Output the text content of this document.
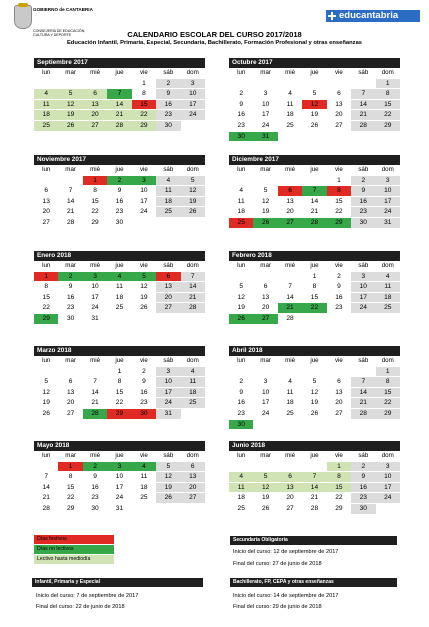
GOBIERNO de CANTABRIA
CONSEJERÍA DE EDUCACIÓN, CULTURA Y DEPORTE
educantabria
CALENDARIO ESCOLAR DEL CURSO 2017/2018
Educación Infantil, Primaria, Especial, Secundaria, Bachillerato, Formación Profesional y otras enseñanzas
Septiembre 2017
lun	mar	mié	jue	vie	sáb	dom
				1	2	3
4	5	6	7	8	9	10
11	12	13	14	15	16	17
18	19	20	21	22	23	24
25	26	27	28	29	30	
Octubre 2017
lun	mar	mié	jue	vie	sáb	dom
						1
2	3	4	5	6	7	8
9	10	11	12	13	14	15
16	17	18	19	20	21	22
23	24	25	26	27	28	29
30	31					
Noviembre 2017
lun	mar	mié	jue	vie	sáb	dom
		1	2	3	4	5
6	7	8	9	10	11	12
13	14	15	16	17	18	19
20	21	22	23	24	25	26
27	28	29	30			
Diciembre 2017
lun	mar	mié	jue	vie	sáb	dom
				1	2	3
4	5	6	7	8	9	10
11	12	13	14	15	16	17
18	19	20	21	22	23	24
25	26	27	28	29	30	31
Enero 2018
lun	mar	mié	jue	vie	sáb	dom
1	2	3	4	5	6	7
8	9	10	11	12	13	14
15	16	17	18	19	20	21
22	23	24	25	26	27	28
29	30	31				
Febrero 2018
lun	mar	mié	jue	vie	sáb	dom
			1	2	3	4
5	6	7	8	9	10	11
12	13	14	15	16	17	18
19	20	21	22	23	24	25
26	27	28				
Marzo 2018
lun	mar	mié	jue	vie	sáb	dom
			1	2	3	4
5	6	7	8	9	10	11
12	13	14	15	16	17	18
19	20	21	22	23	24	25
26	27	28	29	30	31	
Abril 2018
lun	mar	mié	jue	vie	sáb	dom
						1
2	3	4	5	6	7	8
9	10	11	12	13	14	15
16	17	18	19	20	21	22
23	24	25	26	27	28	29
30						
Mayo 2018
lun	mar	mié	jue	vie	sáb	dom
	1	2	3	4	5	6
7	8	9	10	11	12	13
14	15	16	17	18	19	20
21	22	23	24	25	26	27
28	29	30	31			
Junio 2018
lun	mar	mié	jue	vie	sáb	dom
				1	2	3
4	5	6	7	8	9	10
11	12	13	14	15	16	17
18	19	20	21	22	23	24
25	26	27	28	29	30	
Días festivos
Días no lectivos
Lectivo hasta mediodía
Secundaria Obligatoria
Inicio del curso: 12 de septiembre de 2017
Final del curso: 27 de junio de 2018
Infantil, Primaria y Especial
Inicio del curso: 7 de septiembre de 2017
Final del curso: 22 de junio de 2018
Bachillerato, FP, CEPA y otras enseñanzas
Inicio del curso: 14 de septiembre de 2017
Final del curso: 29 de junio de 2018
